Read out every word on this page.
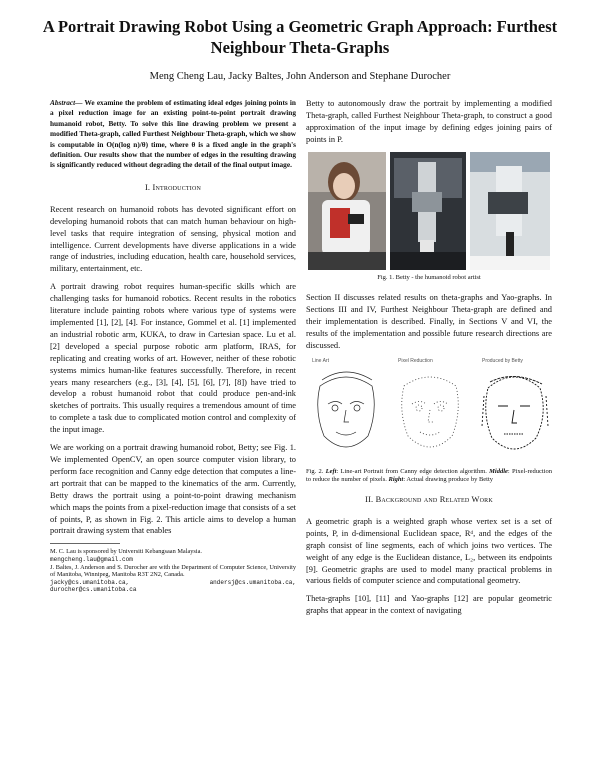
A Portrait Drawing Robot Using a Geometric Graph Approach: Furthest Neighbour Theta-Graphs
Meng Cheng Lau, Jacky Baltes, John Anderson and Stephane Durocher

Abstract— We examine the problem of estimating ideal edges joining points in a pixel reduction image for an existing point-to-point portrait drawing humanoid robot, Betty. To solve this line drawing problem we present a modified Theta-graph, called Furthest Neighbour Theta-graph, which we show is computable in O(n(log n)/θ) time, where θ is a fixed angle in the graph's definition. Our results show that the number of edges in the resulting drawing is significantly reduced without degrading the detail of the final output image.

I. Introduction

Recent research on humanoid robots has devoted significant effort on developing humanoid robots that can match human behaviour on high-level tasks that require integration of sensing, physical motion and intelligence. Current developments have diverse applications in a wide range of industries, including education, health care, household services, military, entertainment, etc.

A portrait drawing robot requires human-specific skills which are challenging tasks for humanoid robotics. Recent results in the robotics literature include painting robots where various type of systems were implemented [1], [2], [4]. For instance, Gommel et al. [1] implemented an industrial robotic arm, KUKA, to draw in Cartesian space. Lu et al. [2] developed a special purpose robotic arm platform, IRAS, for replicating and creating works of art. However, neither of these robotic systems mimics human-like features successfully. Therefore, in recent years many researchers (e.g., [3], [4], [5], [6], [7], [8]) have tried to develop a robust humanoid robot that could produce pen-and-ink sketches of portraits. This usually requires a tremendous amount of time to complete a task due to complicated motion control and complexity of the input image.

We are working on a portrait drawing humanoid robot, Betty; see Fig. 1. We implemented OpenCV, an open source computer vision library, to perform face recognition and Canny edge detection that computes a line-art portrait that can be mapped to the kinematics of the arm. Currently, Betty draws the portrait using a point-to-point drawing mechanism which maps the points from a pixel-reduction image that consists of a set of points, P, as shown in Fig. 2. This article aims to develop a human portrait drawing system that enables

M. C. Lau is sponsored by Universiti Kebangsaan Malaysia.

mengcheng.lau@gmail.com

J. Baltes, J. Anderson and S. Durocher are with the Department of Computer Science, University of Manitoba, Winnipeg, Manitoba R3T 2N2, Canada.

jacky@cs.umanitoba.ca, andersj@cs.umanitoba.ca, durocher@cs.umanitoba.ca

Betty to autonomously draw the portrait by implementing a modified Theta-graph, called Furthest Neighbour Theta-graph, to construct a good approximation of the input image by defining edges joining pairs of points in P.

Fig. 1. Betty - the humanoid robot artist

Section II discusses related results on theta-graphs and Yao-graphs. In Sections III and IV, Furthest Neighbour Theta-graph are defined and their implementation is described. Finally, in Sections V and VI, the results of the implementation and possible future research directions are discussed.

Line Art	Pixel Reduction	Produced by Betty

Fig. 2. Left: Line-art Portrait from Canny edge detection algorithm. Middle: Pixel-reduction to reduce the number of pixels. Right: Actual drawing produce by Betty

II. Background and Related Work

A geometric graph is a weighted graph whose vertex set is a set of points, P, in d-dimensional Euclidean space, Rᵈ, and the edges of the graph consist of line segments, each of which joins two vertices. The weight of any edge is the Euclidean distance, L₂, between its endpoints [9]. Geometric graphs are used to model many practical problems in various fields of computer science and computational geometry.

Theta-graphs [10], [11] and Yao-graphs [12] are popular geometric graphs that appear in the context of navigating
